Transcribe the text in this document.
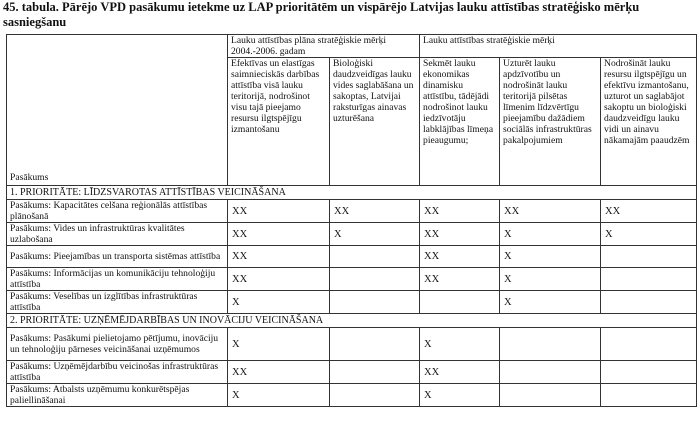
45. tabula. Pārējo VPD pasākumu ietekme uz LAP prioritātēm un vispārējo Latvijas lauku attīstības stratēģisko mērķu sasniegšanu
Pasākums	Lauku attīstības plāna stratēģiskie mērķi 2004.-2006. gadam		Lauku attīstības stratēģiskie mērķi		
	Efektīvas un elastīgas saimnieciskās darbības attīstība visā lauku teritorijā, nodrošinot visu tajā pieejamo resursu ilgtspējīgu izmantošanu	Bioloģiski daudzveidīgas lauku vides saglabāšana un sakoptas, Latvijai raksturīgas ainavas uzturēšana	Sekmēt lauku ekonomikas dinamisku attīstību, tādējādi nodrošinot lauku iedzīvotāju labklājības līmeņa pieaugumu;	Uzturēt lauku apdzīvotību un nodrošināt lauku teritorijā pilsētas līmenim līdzvērtīgu pieejamību dažādiem sociālās infrastruktūras pakalpojumiem	Nodrošināt lauku resursu ilgtspējīgu un efektīvu izmantošanu, uzturot un saglabājot sakoptu un bioloģiski daudzveidīgu lauku vidi un ainavu nākamajām paaudzēm
1. PRIORITĀTE: LĪDZSVAROTAS ATTĪSTĪBAS VEICINĀŠANA					
Pasākums: Kapacitātes celšana reģionālās attīstības plānošanā	XX	XX	XX	XX	XX
Pasākums: Vides un infrastruktūras kvalitātes uzlabošana	XX	X	XX	X	X
Pasākums: Pieejamības un transporta sistēmas attīstība	XX		XX	X	
Pasākums: Informācijas un komunikāciju tehnoloģiju attīstība	XX		XX	X	
Pasākums: Veselības un izglītības infrastruktūras attīstība	X			X	
2. PRIORITĀTE: UZŅĒMĒJDARBĪBAS UN INOVĀCIJU VEICINĀŠANA					
Pasākums: Pasākumi pielietojamo pētījumu, inovāciju un tehnoloģiju pārneses veicināšanai uzņēmumos	X		X		
Pasākums: Uzņēmējdarbību veicinošas infrastruktūras attīstība	XX		XX		
Pasākums: Atbalsts uzņēmumu konkurētspējas paliellināšanai	X		X		
